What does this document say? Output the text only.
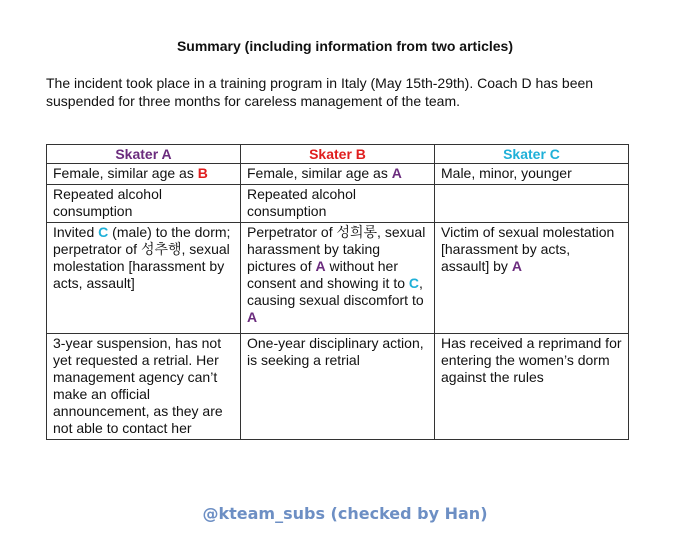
Summary (including information from two articles)
The incident took place in a training program in Italy (May 15th-29th). Coach D has been suspended for three months for careless management of the team.
Skater A	Skater B	Skater C
Female, similar age as B	Female, similar age as A	Male, minor, younger
Repeated alcohol consumption	Repeated alcohol consumption	
Invited C (male) to the dorm; perpetrator of 성추행, sexual molestation [harassment by acts, assault]	Perpetrator of 성희롱, sexual harassment by taking pictures of A without her consent and showing it to C, causing sexual discomfort to A	Victim of sexual molestation [harassment by acts, assault] by A
3-year suspension, has not yet requested a retrial. Her management agency can’t make an official announcement, as they are not able to contact her	One-year disciplinary action, is seeking a retrial	Has received a reprimand for entering the women’s dorm against the rules
@kteam_subs (checked by Han)
